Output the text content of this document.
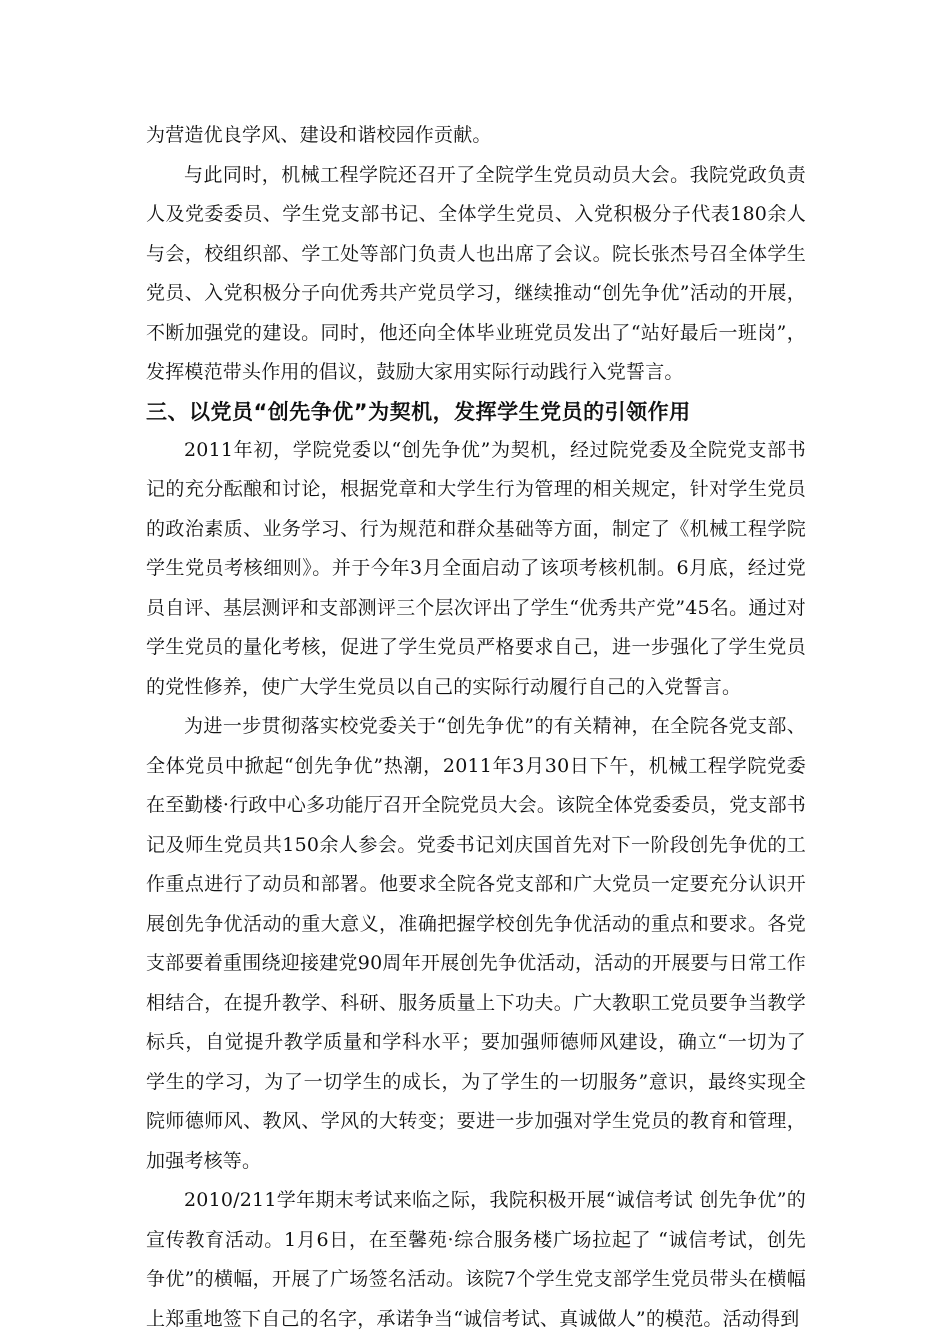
为营造优良学风、建设和谐校园作贡献。

与此同时，机械工程学院还召开了全院学生党员动员大会。我院党政负责人及党委委员、学生党支部书记、全体学生党员、入党积极分子代表180余人与会，校组织部、学工处等部门负责人也出席了会议。院长张杰号召全体学生党员、入党积极分子向优秀共产党员学习，继续推动“创先争优”活动的开展，不断加强党的建设。同时，他还向全体毕业班党员发出了“站好最后一班岗”，发挥模范带头作用的倡议，鼓励大家用实际行动践行入党誓言。

三、以党员“创先争优”为契机，发挥学生党员的引领作用

2011年初，学院党委以“创先争优”为契机，经过院党委及全院党支部书记的充分酝酿和讨论，根据党章和大学生行为管理的相关规定，针对学生党员的政治素质、业务学习、行为规范和群众基础等方面，制定了《机械工程学院学生党员考核细则》。并于今年3月全面启动了该项考核机制。6月底，经过党员自评、基层测评和支部测评三个层次评出了学生“优秀共产党”45名。通过对学生党员的量化考核，促进了学生党员严格要求自己，进一步强化了学生党员的党性修养，使广大学生党员以自己的实际行动履行自己的入党誓言。

为进一步贯彻落实校党委关于“创先争优”的有关精神，在全院各党支部、全体党员中掀起“创先争优”热潮，2011年3月30日下午，机械工程学院党委在至勤楼·行政中心多功能厅召开全院党员大会。该院全体党委委员，党支部书记及师生党员共150余人参会。党委书记刘庆国首先对下一阶段创先争优的工作重点进行了动员和部署。他要求全院各党支部和广大党员一定要充分认识开展创先争优活动的重大意义，准确把握学校创先争优活动的重点和要求。各党支部要着重围绕迎接建党90周年开展创先争优活动，活动的开展要与日常工作相结合，在提升教学、科研、服务质量上下功夫。广大教职工党员要争当教学标兵，自觉提升教学质量和学科水平；要加强师德师风建设，确立“一切为了学生的学习，为了一切学生的成长，为了学生的一切服务”意识，最终实现全院师德师风、教风、学风的大转变；要进一步加强对学生党员的教育和管理，加强考核等。

2010/211学年期末考试来临之际，我院积极开展“诚信考试 创先争优”的宣传教育活动。1月6日，在至馨苑·综合服务楼广场拉起了 “诚信考试，创先争优”的横幅，开展了广场签名活动。该院7个学生党支部学生党员带头在横幅上郑重地签下自己的名字，承诺争当“诚信考试、真诚做人”的模范。活动得到
